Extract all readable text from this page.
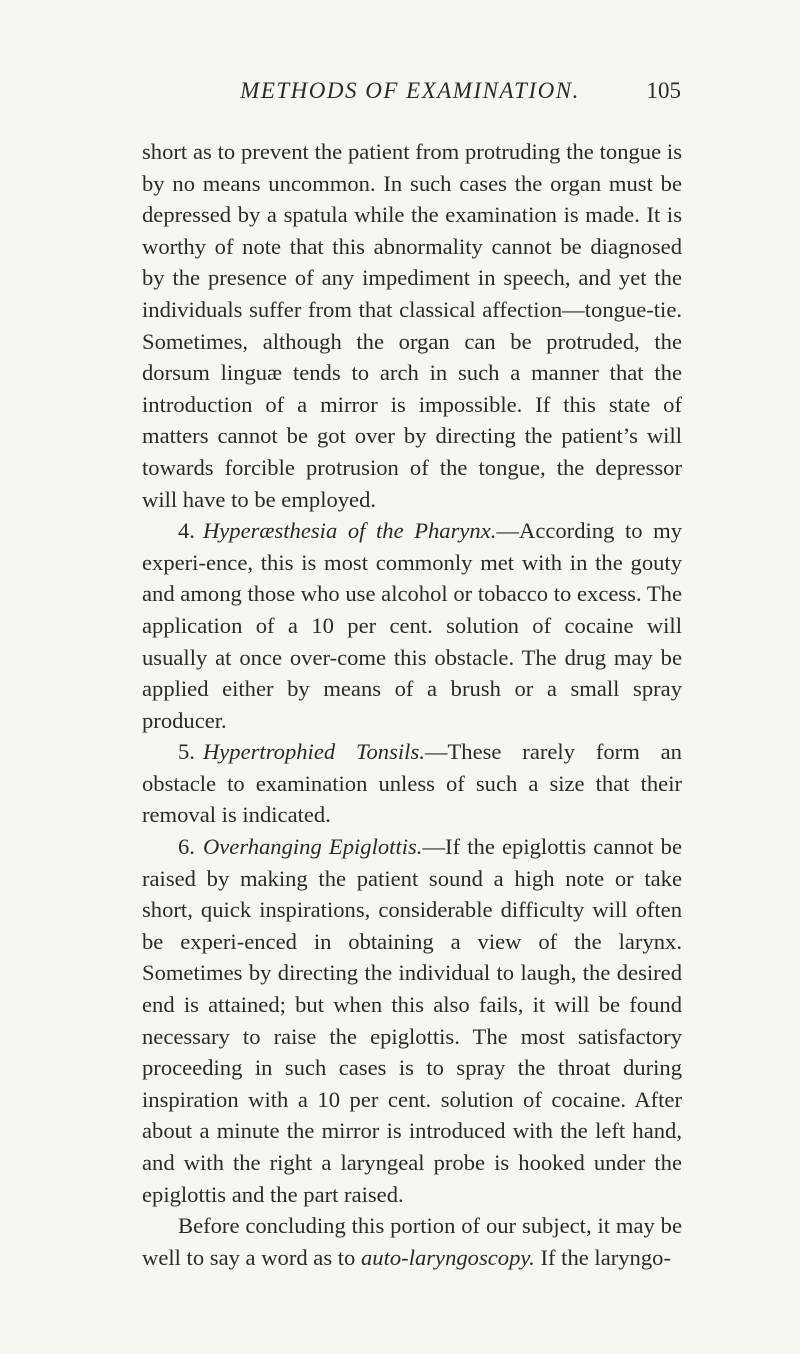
METHODS OF EXAMINATION.	105

short as to prevent the patient from protruding the tongue is by no means uncommon. In such cases the organ must be depressed by a spatula while the examination is made. It is worthy of note that this abnormality cannot be diagnosed by the presence of any impediment in speech, and yet the individuals suffer from that classical affection—tongue-tie. Sometimes, although the organ can be protruded, the dorsum linguæ tends to arch in such a manner that the introduction of a mirror is impossible. If this state of matters cannot be got over by directing the patient’s will towards forcible protrusion of the tongue, the depressor will have to be employed.

4. Hyperæsthesia of the Pharynx.—According to my experi-ence, this is most commonly met with in the gouty and among those who use alcohol or tobacco to excess. The application of a 10 per cent. solution of cocaine will usually at once over-come this obstacle. The drug may be applied either by means of a brush or a small spray producer.

5. Hypertrophied Tonsils.—These rarely form an obstacle to examination unless of such a size that their removal is indicated.

6. Overhanging Epiglottis.—If the epiglottis cannot be raised by making the patient sound a high note or take short, quick inspirations, considerable difficulty will often be experi-enced in obtaining a view of the larynx. Sometimes by directing the individual to laugh, the desired end is attained; but when this also fails, it will be found necessary to raise the epiglottis. The most satisfactory proceeding in such cases is to spray the throat during inspiration with a 10 per cent. solution of cocaine. After about a minute the mirror is introduced with the left hand, and with the right a laryngeal probe is hooked under the epiglottis and the part raised.

Before concluding this portion of our subject, it may be well to say a word as to auto-laryngoscopy. If the laryngo-
